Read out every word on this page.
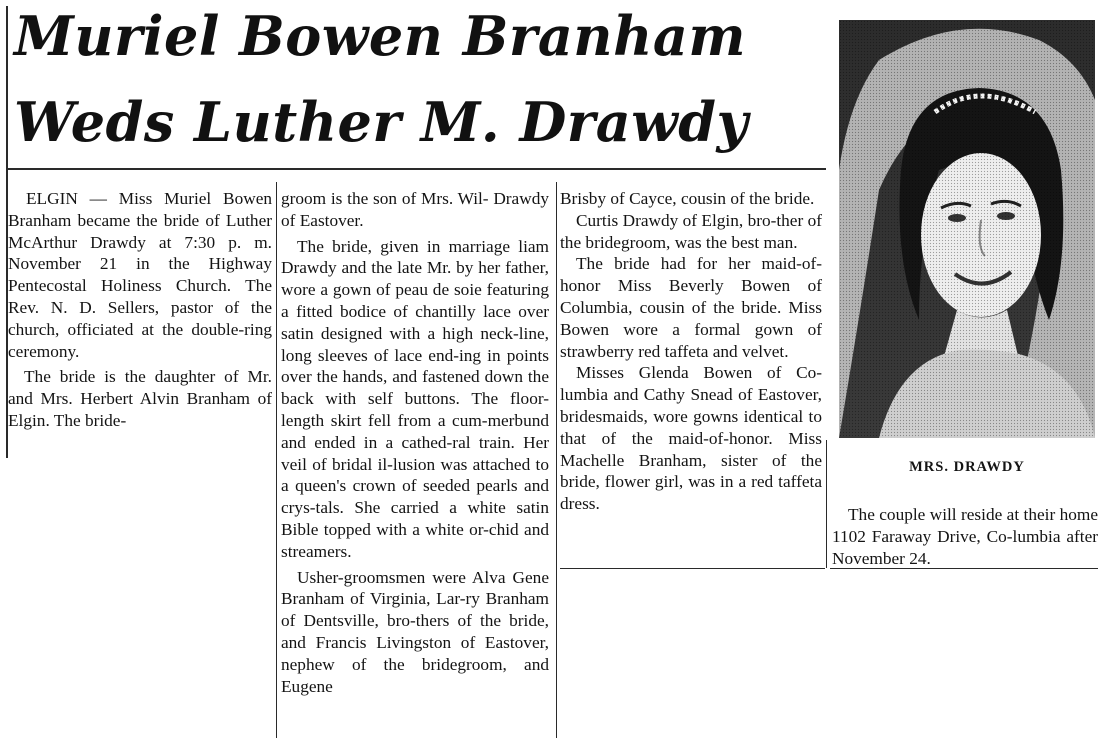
Muriel Bowen Branham
Weds Luther M. Drawdy

ELGIN — Miss Muriel Bowen Branham became the bride of Luther McArthur Drawdy at 7:30 p. m. November 21 in the Highway Pentecostal Holiness Church. The Rev. N. D. Sellers, pastor of the church, officiated at the double-ring ceremony.

The bride is the daughter of Mr. and Mrs. Herbert Alvin Branham of Elgin. The bride-

groom is the son of Mrs. Wil- Drawdy of Eastover.

The bride, given in marriage liam Drawdy and the late Mr. by her father, wore a gown of peau de soie featuring a fitted bodice of chantilly lace over satin designed with a high neck-line, long sleeves of lace end-ing in points over the hands, and fastened down the back with self buttons. The floor-length skirt fell from a cum-merbund and ended in a cathed-ral train. Her veil of bridal il-lusion was attached to a queen's crown of seeded pearls and crys-tals. She carried a white satin Bible topped with a white or-chid and streamers.

Usher-groomsmen were Alva Gene Branham of Virginia, Lar-ry Branham of Dentsville, bro-thers of the bride, and Francis Livingston of Eastover, nephew of the bridegroom, and Eugene

Brisby of Cayce, cousin of the bride.

Curtis Drawdy of Elgin, bro-ther of the bridegroom, was the best man.

The bride had for her maid-of-honor Miss Beverly Bowen of Columbia, cousin of the bride. Miss Bowen wore a formal gown of strawberry red taffeta and velvet.

Misses Glenda Bowen of Co-lumbia and Cathy Snead of Eastover, bridesmaids, wore gowns identical to that of the maid-of-honor. Miss Machelle Branham, sister of the bride, flower girl, was in a red taffeta dress.

MRS. DRAWDY

The couple will reside at their home 1102 Faraway Drive, Co-lumbia after November 24.
